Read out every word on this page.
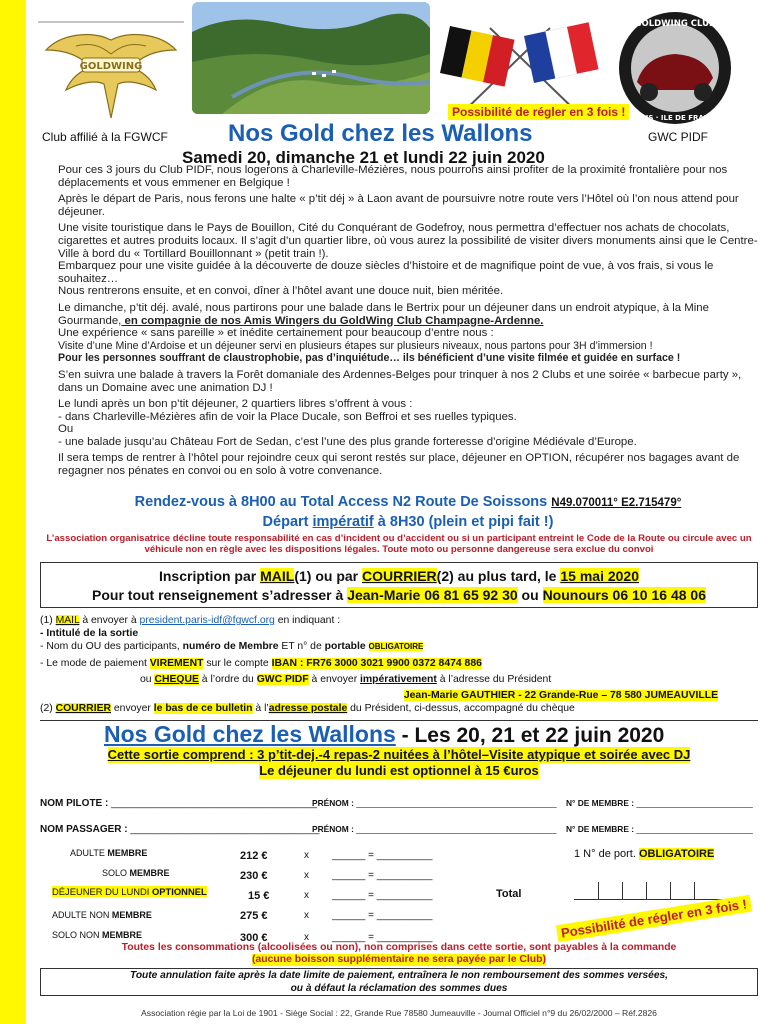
GOLDWING
GOLDWING CLUB
PARIS · ILE DE FRANCE
Possibilité de régler en 3 fois !
Club affilié à la FGWCF	GWC PIDF
Nos Gold chez les Wallons
Samedi 20, dimanche 21 et lundi 22 juin 2020

Pour ces 3 jours du Club PIDF, nous logerons à Charleville-Mézières, nous pourrons ainsi profiter de la proximité frontalière pour nos déplacements et vous emmener en Belgique !

Après le départ de Paris, nous ferons une halte « p’tit déj » à Laon avant de poursuivre notre route vers l’Hôtel où l’on nous attend pour déjeuner.

Une visite touristique dans le Pays de Bouillon, Cité du Conquérant de Godefroy, nous permettra d’effectuer nos achats de chocolats, cigarettes et autres produits locaux. Il s’agit d’un quartier libre, où vous aurez la possibilité de visiter divers monuments ainsi que le Centre-Ville à bord du « Tortillard Bouillonnant » (petit train !).
Embarquez pour une visite guidée à la découverte de douze siècles d’histoire et de magnifique point de vue, à vos frais, si vous le souhaitez…
Nous rentrerons ensuite, et en convoi, dîner à l’hôtel avant une douce nuit, bien méritée.

Le dimanche, p’tit déj. avalé, nous partirons pour une balade dans le Bertrix pour un déjeuner dans un endroit atypique, à la Mine Gourmande, en compagnie de nos Amis Wingers du GoldWing Club Champagne-Ardenne.
Une expérience « sans pareille » et inédite certainement pour beaucoup d’entre nous :
Visite d’une Mine d’Ardoise et un déjeuner servi en plusieurs étapes sur plusieurs niveaux, nous partons pour 3H d’immersion !
Pour les personnes souffrant de claustrophobie, pas d’inquiétude… ils bénéficient d’une visite filmée et guidée en surface !

S’en suivra une balade à travers la Forêt domaniale des Ardennes-Belges pour trinquer à nos 2 Clubs et une soirée « barbecue party », dans un Domaine avec une animation DJ !

Le lundi après un bon p’tit déjeuner, 2 quartiers libres s’offrent à vous :
- dans Charleville-Mézières afin de voir la Place Ducale, son Beffroi et ses ruelles typiques.
Ou
- une balade jusqu’au Château Fort de Sedan, c’est l’une des plus grande forteresse d’origine Médiévale d’Europe.

Il sera temps de rentrer à l’hôtel pour rejoindre ceux qui seront restés sur place, déjeuner en OPTION, récupérer nos bagages avant de regagner nos pénates en convoi ou en solo à votre convenance.

Rendez-vous à 8H00 au Total Access N2 Route De Soissons N49.070011° E2.715479°
Départ impératif à 8H30 (plein et pipi fait !)
L’association organisatrice décline toute responsabilité en cas d’incident ou d’accident ou si un participant entreint le Code de la Route ou circule avec un véhicule non en règle avec les dispositions légales. Toute moto ou personne dangereuse sera exclue du convoi
Inscription par MAIL(1) ou par COURRIER(2) au plus tard, le 15 mai 2020
Pour tout renseignement s’adresser à Jean-Marie 06 81 65 92 30 ou Nounours 06 10 16 48 06
(1) MAIL à envoyer à president.paris-idf@fgwcf.org en indiquant :
- Intitulé de la sortie
- Nom du OU des participants, numéro de Membre ET n° de portable OBLIGATOIRE
- Le mode de paiement VIREMENT sur le compte IBAN : FR76 3000 3021 9900 0372 8474 886
ou CHEQUE à l’ordre du GWC PIDF à envoyer impérativement à l’adresse du Président
Jean-Marie GAUTHIER - 22 Grande-Rue – 78 580 JUMEAUVILLE
(2) COURRIER envoyer le bas de ce bulletin à l’adresse postale du Président, ci-dessus, accompagné du chèque
Nos Gold chez les Wallons - Les 20, 21 et 22 juin 2020
Cette sortie comprend : 3 p’tit-dej.-4 repas-2 nuitées à l’hôtel–Visite atypique et soirée avec DJ
Le déjeuner du lundi est optionnel à 15 €uros
NOM PILOTE : _____________________________________
PRÉNOM : ___________________________________________ N° DE MEMBRE : _________________________
NOM PASSAGER : __________________________________
PRÉNOM : ___________________________________________ N° DE MEMBRE : _________________________
ADULTE MEMBRE	212 €	x ______ = __________	1 N° de port. OBLIGATOIRE
SOLO MEMBRE	230 €	x ______ = __________
DÉJEUNER DU LUNDI OPTIONNEL	15 €	x ______ = __________	Total
ADULTE NON MEMBRE	275 €	x ______ = __________
SOLO NON MEMBRE	300 €	x ______ = __________	Possibilité de régler en 3 fois !
Toutes les consommations (alcoolisées ou non), non comprises dans cette sortie, sont payables à la commande
(aucune boisson supplémentaire ne sera payée par le Club)
Toute annulation faite après la date limite de paiement, entraînera le non remboursement des sommes versées,
ou à défaut la réclamation des sommes dues
Association régie par la Loi de 1901 - Siège Social : 22, Grande Rue 78580 Jumeauville - Journal Officiel n°9 du 26/02/2000 – Réf.2826
